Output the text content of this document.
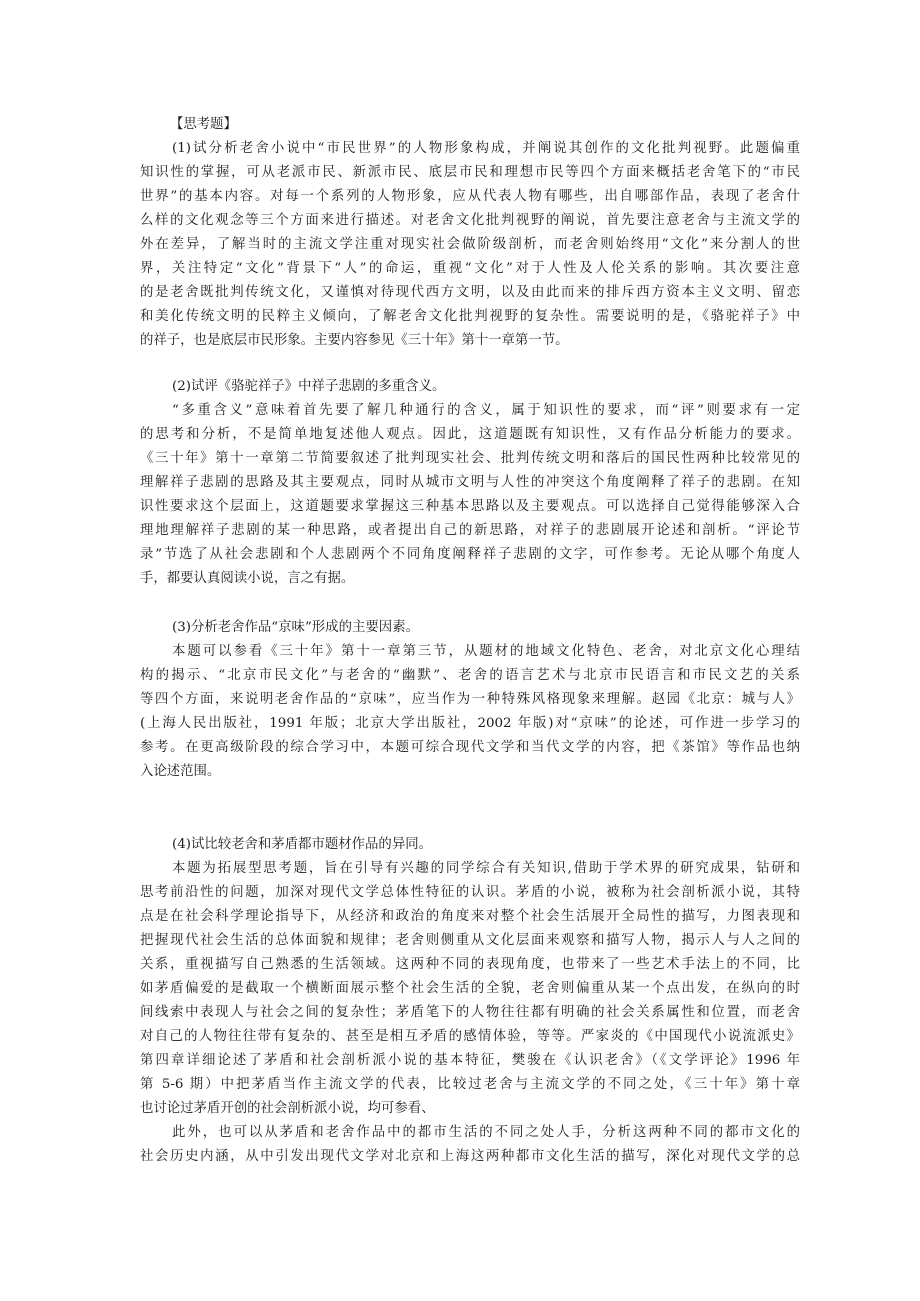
【思考题】
(1)试分析老舍小说中“市民世界”的人物形象构成，并阐说其创作的文化批判视野。此题偏重
知识性的掌握，可从老派市民、新派市民、底层市民和理想市民等四个方面来概括老舍笔下的“市民
世界”的基本内容。对每一个系列的人物形象，应从代表人物有哪些，出自哪部作品，表现了老舍什
么样的文化观念等三个方面来进行描述。对老舍文化批判视野的阐说，首先要注意老舍与主流文学的
外在差异，了解当时的主流文学注重对现实社会做阶级剖析，而老舍则始终用“文化”来分割人的世
界，关注特定“文化”背景下“人”的命运，重视“文化”对于人性及人伦关系的影响。其次要注意
的是老舍既批判传统文化，又谨慎对待现代西方文明，以及由此而来的排斥西方资本主义文明、留恋
和美化传统文明的民粹主义倾向，了解老舍文化批判视野的复杂性。需要说明的是，《骆驼祥子》中
的祥子，也是底层市民形象。主要内容参见《三十年》第十一章第一节。
(2)试评《骆驼祥子》中祥子悲剧的多重含义。
“多重含义”意味着首先要了解几种通行的含义，属于知识性的要求，而“评”则要求有一定
的思考和分析，不是简单地复述他人观点。因此，这道题既有知识性，又有作品分析能力的要求。
《三十年》第十一章第二节简要叙述了批判现实社会、批判传统文明和落后的国民性两种比较常见的
理解祥子悲剧的思路及其主要观点，同时从城市文明与人性的冲突这个角度阐释了祥子的悲剧。在知
识性要求这个层面上，这道题要求掌握这三种基本思路以及主要观点。可以选择自己觉得能够深入合
理地理解祥子悲剧的某一种思路，或者提出自己的新思路，对祥子的悲剧展开论述和剖析。“评论节
录”节选了从社会悲剧和个人悲剧两个不同角度阐释祥子悲剧的文字，可作参考。无论从哪个角度人
手，都要认真阅读小说，言之有据。
(3)分析老舍作品“京味”形成的主要因素。
本题可以参看《三十年》第十一章第三节，从题材的地域文化特色、老舍，对北京文化心理结
构的揭示、“北京市民文化”与老舍的“幽默”、老舍的语言艺术与北京市民语言和市民文艺的关系
等四个方面，来说明老舍作品的“京味”，应当作为一种特殊风格现象来理解。赵园《北京：城与人》
(上海人民出版社，1991 年版；北京大学出版社，2002 年版)对“京味”的论述，可作进一步学习的
参考。在更高级阶段的综合学习中，本题可综合现代文学和当代文学的内容，把《茶馆》等作品也纳
入论述范围。
(4)试比较老舍和茅盾都市题材作品的异同。
本题为拓展型思考题，旨在引导有兴趣的同学综合有关知识,借助于学术界的研究成果，钻研和
思考前沿性的问题，加深对现代文学总体性特征的认识。茅盾的小说，被称为社会剖析派小说，其特
点是在社会科学理论指导下，从经济和政治的角度来对整个社会生活展开全局性的描写，力图表现和
把握现代社会生活的总体面貌和规律；老舍则侧重从文化层面来观察和描写人物，揭示人与人之间的
关系，重视描写自己熟悉的生活领域。这两种不同的表现角度，也带来了一些艺术手法上的不同，比
如茅盾偏爱的是截取一个横断面展示整个社会生活的全貌，老舍则偏重从某一个点出发，在纵向的时
间线索中表现人与社会之间的复杂性；茅盾笔下的人物往往都有明确的社会关系属性和位置，而老舍
对自己的人物往往带有复杂的、甚至是相互矛盾的感情体验，等等。严家炎的《中国现代小说流派史》
第四章详细论述了茅盾和社会剖析派小说的基本特征，樊骏在《认识老舍》（《文学评论》1996 年
第 5-6 期）中把茅盾当作主流文学的代表，比较过老舍与主流文学的不同之处，《三十年》第十章
也讨论过茅盾开创的社会剖析派小说，均可参看、
此外，也可以从茅盾和老舍作品中的都市生活的不同之处人手，分析这两种不同的都市文化的
社会历史内涵，从中引发出现代文学对北京和上海这两种都市文化生活的描写，深化对现代文学的总
